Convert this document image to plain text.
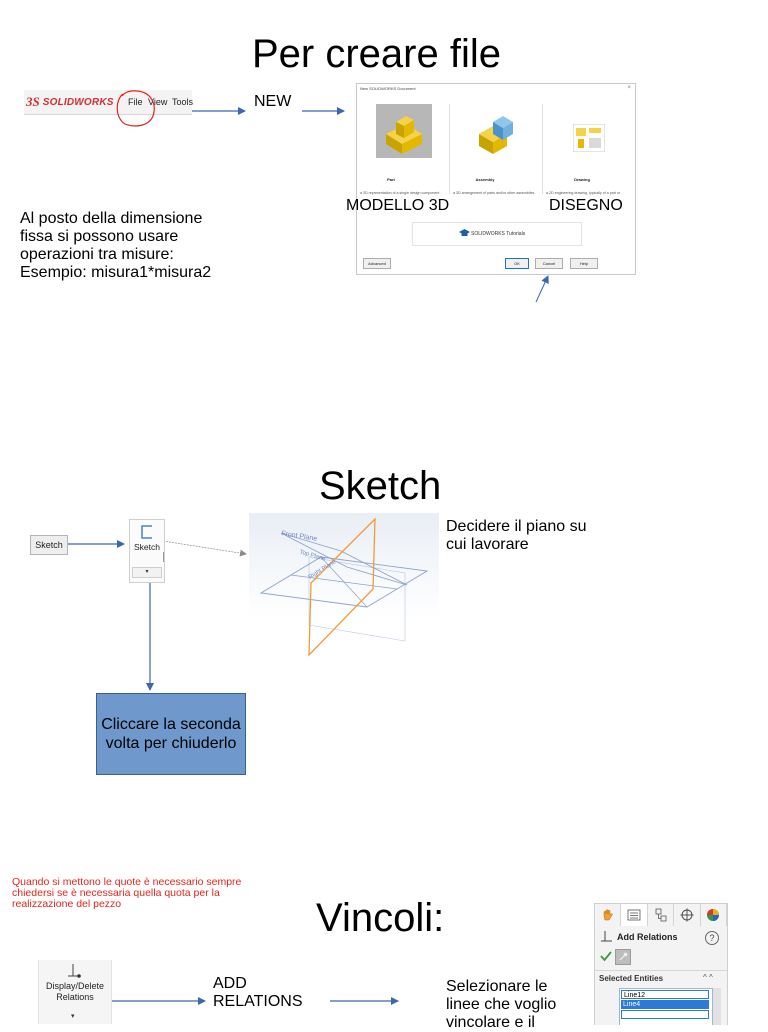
Per creare file
3S SOLIDWORKS File View Tools	NEW
New SOLIDWORKS Document	×
Part	Assembly	Drawing
a 3D representation of a single design component	a 3D arrangement of parts and/or other assemblies	a 2D engineering drawing, typically of a part or
SOLIDWORKS Tutorials
Advanced	OK	Cancel	Help
MODELLO 3D	DISEGNO
Al posto della dimensione
fissa si possono usare
operazioni tra misure:
Esempio: misura1*misura2
Sketch
Sketch	Sketch
▾
Front Plane
Top Plane
Right Plane
Decidere il piano su
cui lavorare
Cliccare la seconda
volta per chiuderlo
Quando si mettono le quote è necessario sempre
chiedersi se è necessaria quella quota per la
realizzazione del pezzo	Vincoli:
Display/Delete
Relations
▾
ADD
RELATIONS
Selezionare le
linee che voglio
vincolare e il
Add Relations	?
Selected Entities	^ ^
Line12
Line4
